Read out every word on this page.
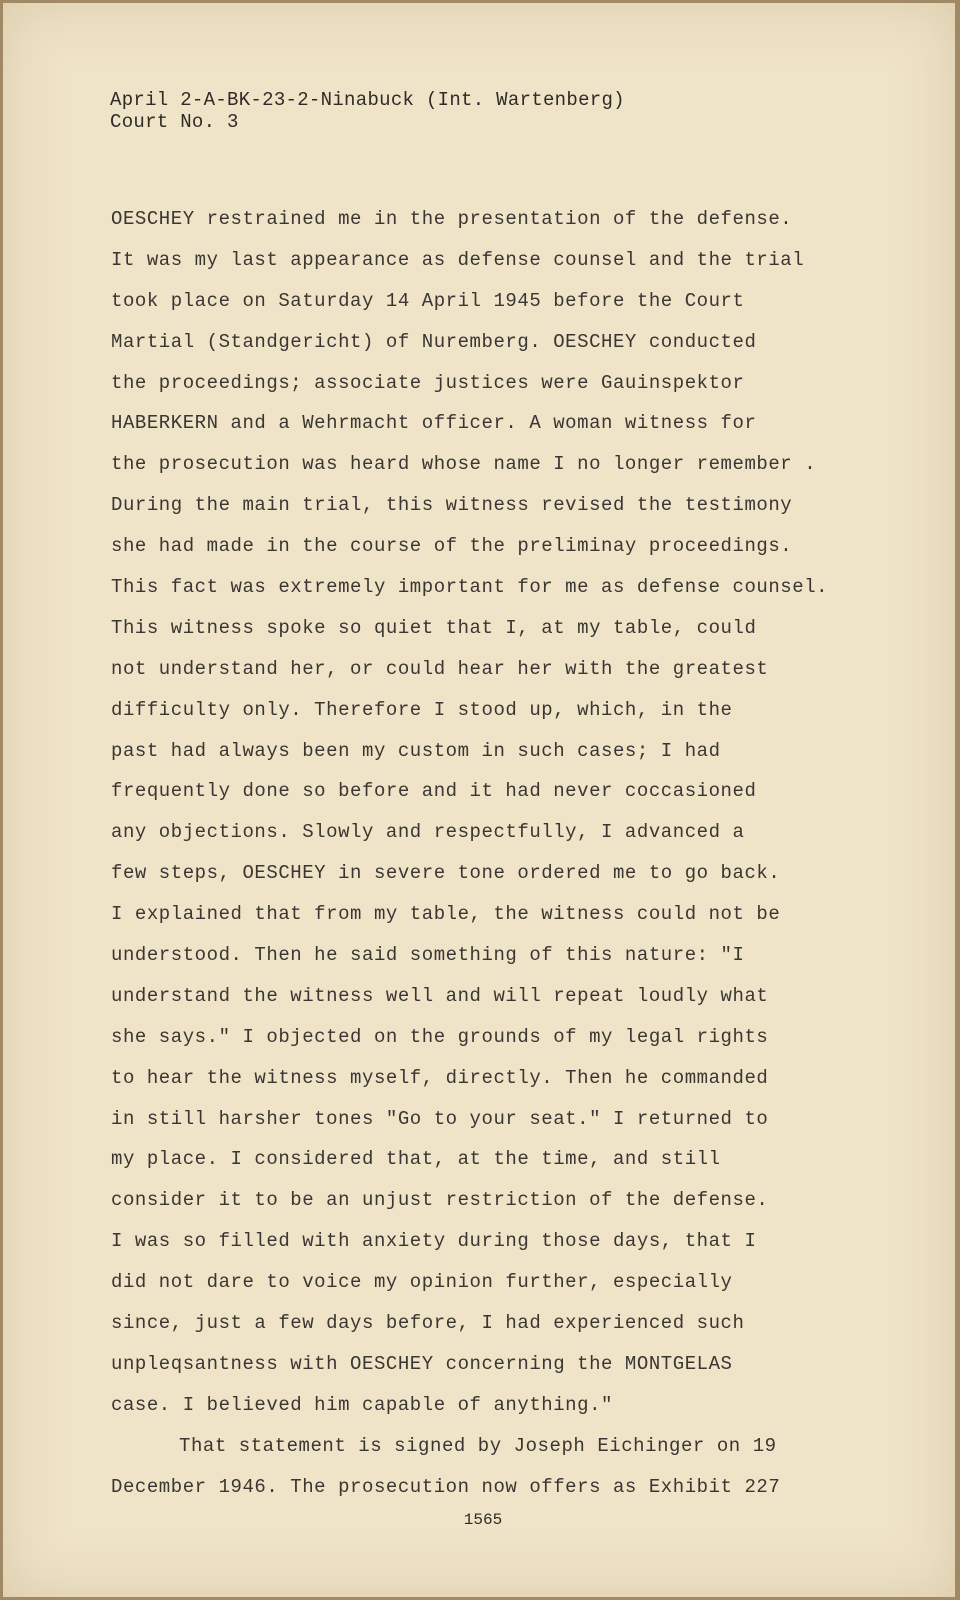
April 2-A-BK-23-2-Ninabuck (Int. Wartenberg)
Court No. 3
OESCHEY restrained me in the presentation of the defense.
It was my last appearance as defense counsel and the trial
took place on Saturday 14 April 1945 before the Court
Martial (Standgericht) of Nuremberg. OESCHEY conducted
the proceedings; associate justices were Gauinspektor
HABERKERN and a Wehrmacht officer. A woman witness for
the prosecution was heard whose name I no longer remember .
During the main trial, this witness revised the testimony
she had made in the course of the preliminay proceedings.
This fact was extremely important for me as defense counsel.
This witness spoke so quiet that I, at my table, could
not understand her, or could hear her with the greatest
difficulty only. Therefore I stood up, which, in the
past had always been my custom in such cases; I had
frequently done so before and it had never coccasioned
any objections. Slowly and respectfully, I advanced a
few steps, OESCHEY in severe tone ordered me to go back.
I explained that from my table, the witness could not be
understood. Then he said something of this nature: "I
understand the witness well and will repeat loudly what
she says." I objected on the grounds of my legal rights
to hear the witness myself, directly. Then he commanded
in still harsher tones "Go to your seat." I returned to
my place. I considered that, at the time, and still
consider it to be an unjust restriction of the defense.
I was so filled with anxiety during those days, that I
did not dare to voice my opinion further, especially
since, just a few days before, I had experienced such
unpleqsantness with OESCHEY concerning the MONTGELAS
case. I believed him capable of anything."
That statement is signed by Joseph Eichinger on 19
December 1946. The prosecution now offers as Exhibit 227
1565
